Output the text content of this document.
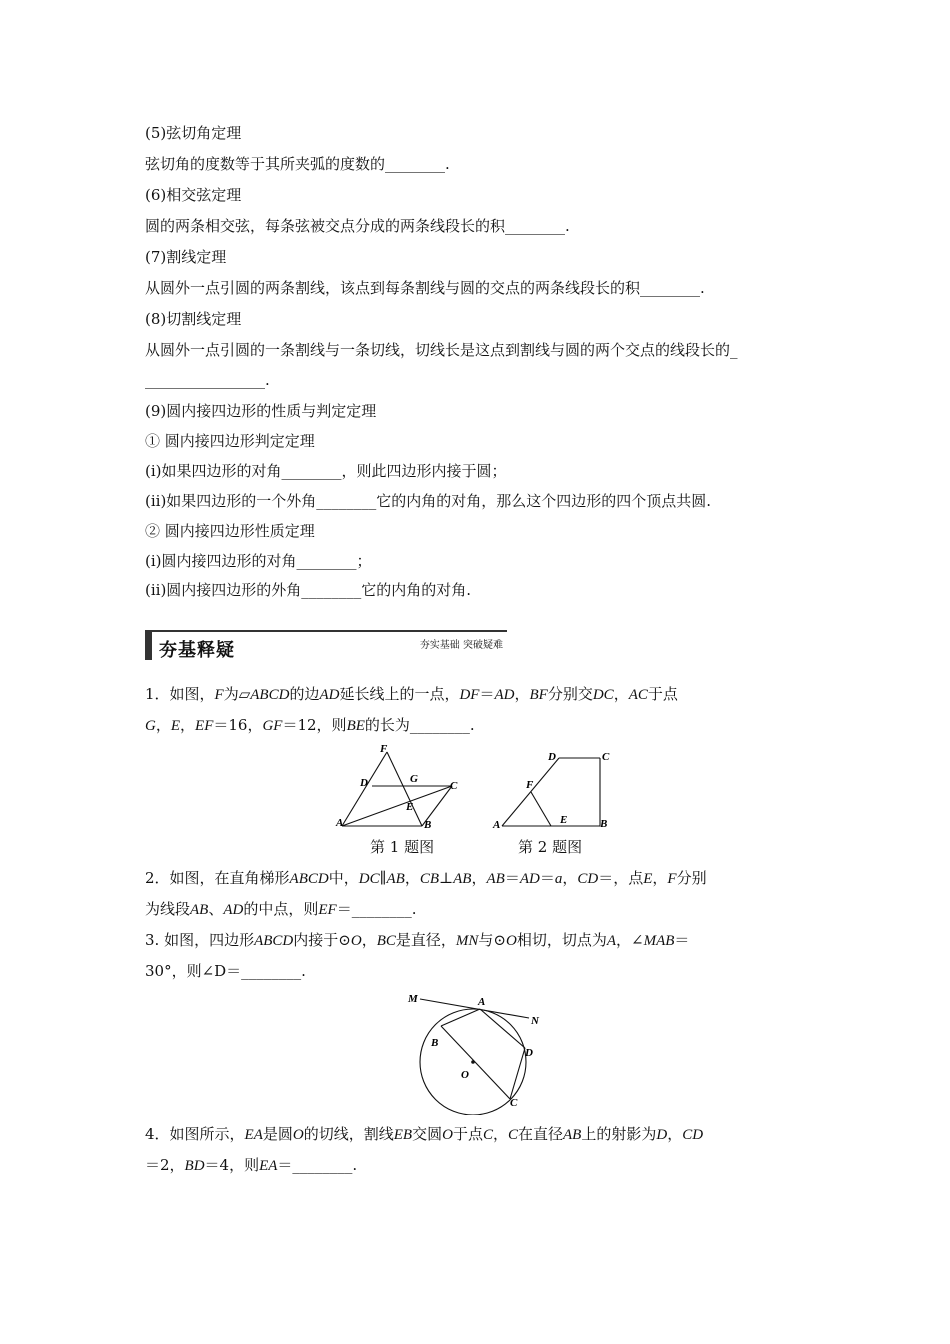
(5)弦切角定理
弦切角的度数等于其所夹弧的度数的________.
(6)相交弦定理
圆的两条相交弦，每条弦被交点分成的两条线段长的积________.
(7)割线定理
从圆外一点引圆的两条割线，该点到每条割线与圆的交点的两条线段长的积________.
(8)切割线定理
从圆外一点引圆的一条割线与一条切线，切线长是这点到割线与圆的两个交点的线段长的_
________________.
(9)圆内接四边形的性质与判定定理
① 圆内接四边形判定定理
(ⅰ)如果四边形的对角________，则此四边形内接于圆；
(ⅱ)如果四边形的一个外角________它的内角的对角，那么这个四边形的四个顶点共圆.
② 圆内接四边形性质定理
(ⅰ)圆内接四边形的对角________；
(ⅱ)圆内接四边形的外角________它的内角的对角.
夯基释疑	夯实基础 突破疑难
1．如图，F为▱ABCD的边AD延长线上的一点，DF＝AD，BF分别交DC，AC于点
G，E，EF＝16，GF＝12，则BE的长为________.
F
D	G
C
E
A	B
第 1 题图
D	C
F
E
A	B
第 2 题图
2．如图，在直角梯形ABCD中，DC∥AB，CB⊥AB，AB＝AD＝a，CD＝，点E，F分别
为线段AB、AD的中点，则EF＝________.
3. 如图，四边形ABCD内接于⊙O，BC是直径，MN与⊙O相切，切点为A，∠MAB＝
30°，则∠D＝________.
M	A
N
B
D
O
C
4．如图所示，EA是圆O的切线，割线EB交圆O于点C，C在直径AB上的射影为D，CD
＝2，BD＝4，则EA＝________.
